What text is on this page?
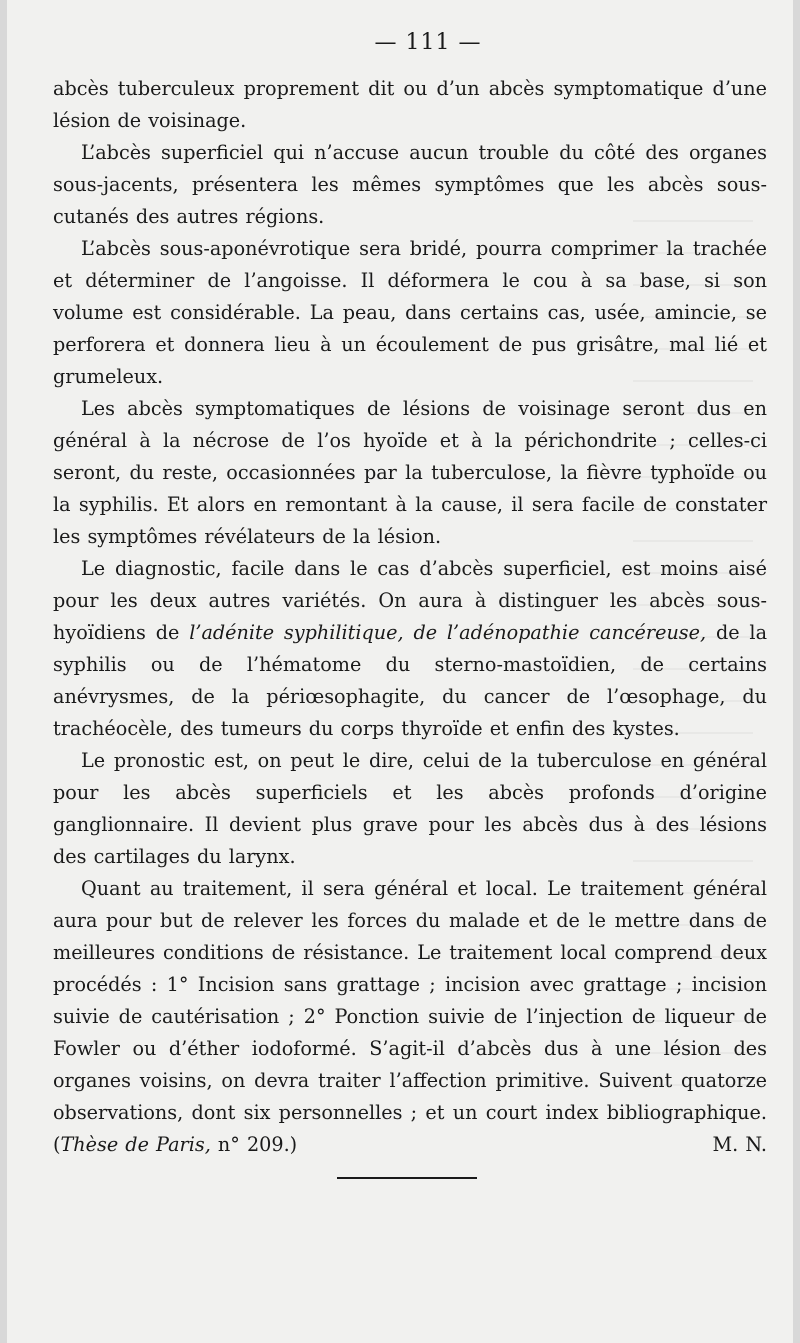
— 111 —

abcès tuberculeux proprement dit ou d’un abcès symptomatique d’une lésion de voisinage.

L’abcès superficiel qui n’accuse aucun trouble du côté des organes sous-jacents, présentera les mêmes symptômes que les abcès sous-cutanés des autres régions.

L’abcès sous-aponévrotique sera bridé, pourra comprimer la trachée et déterminer de l’angoisse. Il déformera le cou à sa base, si son volume est considérable. La peau, dans certains cas, usée, amincie, se perforera et donnera lieu à un écoulement de pus grisâtre, mal lié et grumeleux.

Les abcès symptomatiques de lésions de voisinage seront dus en général à la nécrose de l’os hyoïde et à la périchondrite ; celles-ci seront, du reste, occasionnées par la tuberculose, la fièvre typhoïde ou la syphilis. Et alors en remontant à la cause, il sera facile de constater les symptômes révélateurs de la lésion.

Le diagnostic, facile dans le cas d’abcès superficiel, est moins aisé pour les deux autres variétés. On aura à distinguer les abcès sous-hyoïdiens de l’adénite syphilitique, de l’adénopathie cancéreuse, de la syphilis ou de l’hématome du sterno-mastoïdien, de certains anévrysmes, de la périœsophagite, du cancer de l’œsophage, du trachéocèle, des tumeurs du corps thyroïde et enfin des kystes.

Le pronostic est, on peut le dire, celui de la tuberculose en général pour les abcès superficiels et les abcès profonds d’origine ganglionnaire. Il devient plus grave pour les abcès dus à des lésions des cartilages du larynx.

Quant au traitement, il sera général et local. Le traitement général aura pour but de relever les forces du malade et de le mettre dans de meilleures conditions de résistance. Le traitement local comprend deux procédés : 1° Incision sans grattage ; incision avec grattage ; incision suivie de cautérisation ; 2° Ponction suivie de l’injection de liqueur de Fowler ou d’éther iodoformé. S’agit-il d’abcès dus à une lésion des organes voisins, on devra traiter l’affection primitive. Suivent quatorze observations, dont six personnelles ; et un court index bibliographique. (Thèse de Paris, n° 209.)	M. N.
